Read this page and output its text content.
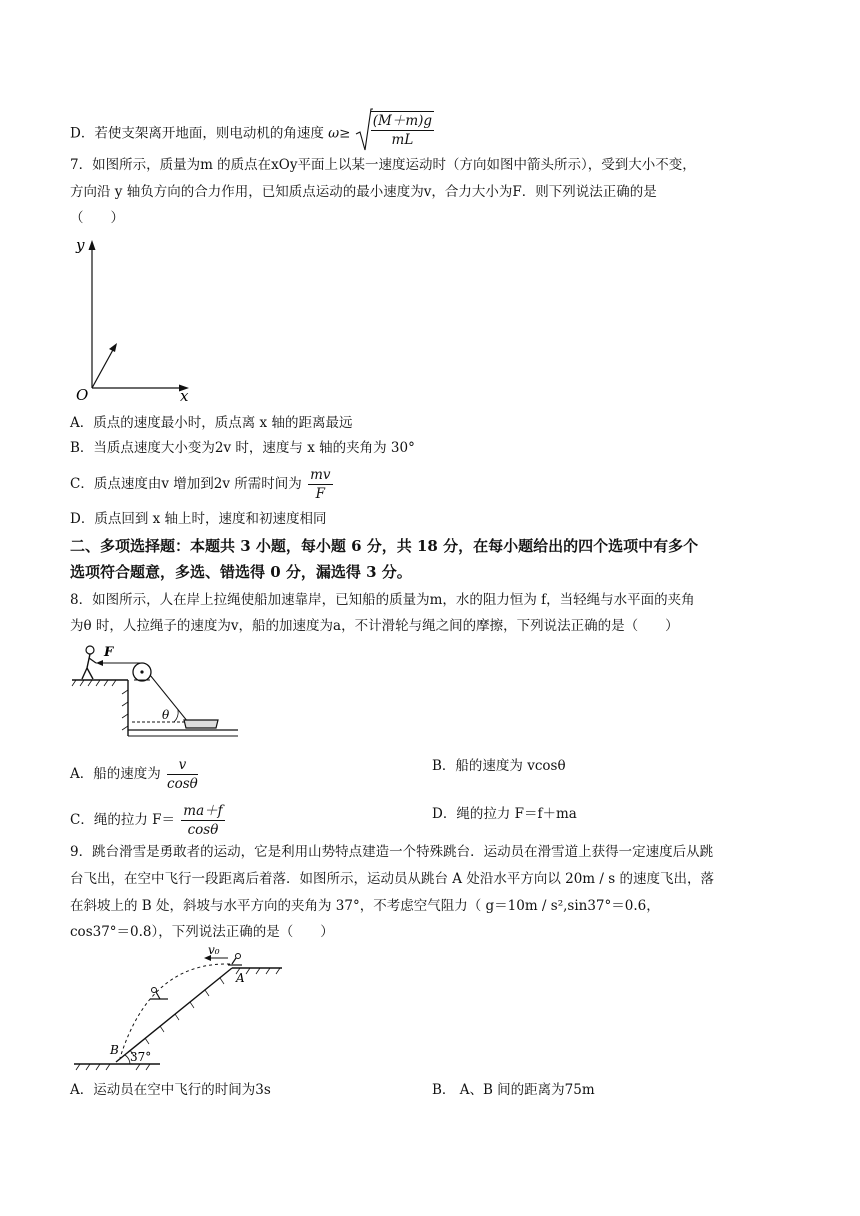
D．若使支架离开地面，则电动机的角速度 $\omega\ge \frac{(M+m)g}{mL}$
7．如图所示，质量为m 的质点在xOy平面上以某一速度运动时（方向如图中箭头所示），受到大小不变，
方向沿 y 轴负方向的合力作用，已知质点运动的最小速度为v，合力大小为F．则下列说法正确的是
（　　）
y
O	x
A．质点的速度最小时，质点离 x 轴的距离最远
B．当质点速度大小变为2v 时，速度与 x 轴的夹角为 30°
C．质点速度由v 增加到2v 所需时间为 $\frac{mv}{F}$
D．质点回到 x 轴上时，速度和初速度相同
二、多项选择题：本题共 3 小题，每小题 6 分，共 18 分，在每小题给出的四个选项中有多个
选项符合题意，多选、错选得 0 分，漏选得 3 分。
8．如图所示，人在岸上拉绳使船加速靠岸，已知船的质量为m，水的阻力恒为 f，当轻绳与水平面的夹角
为θ 时，人拉绳子的速度为v，船的加速度为a，不计滑轮与绳之间的摩擦，下列说法正确的是（　　）
F
θ
A．船的速度为 $\frac{v}{\cos\theta}$	B．船的速度为 vcosθ
C．绳的拉力 $F= \frac{ma+f}{\cos\theta}$	D．绳的拉力 F＝f＋ma
9．跳台滑雪是勇敢者的运动，它是利用山势特点建造一个特殊跳台．运动员在滑雪道上获得一定速度后从跳
台飞出，在空中飞行一段距离后着落．如图所示，运动员从跳台 A 处沿水平方向以 20m / s 的速度飞出，落
在斜坡上的 B 处，斜坡与水平方向的夹角为 37°，不考虑空气阻力（ g＝10m / s²,sin37°＝0.6，
cos37°＝0.8），下列说法正确的是（　　）
v₀
A
B 37°
A．运动员在空中飞行的时间为3s	B． A、B 间的距离为75m
